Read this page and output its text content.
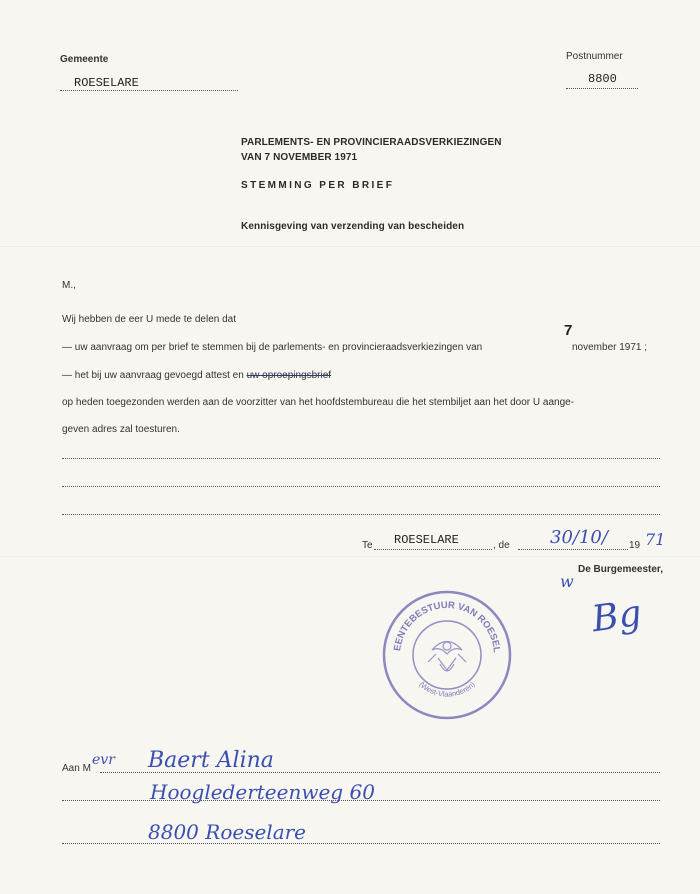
Gemeente
ROESELARE
Postnummer
8800
PARLEMENTS- EN PROVINCIERAADSVERKIEZINGEN
VAN 7 NOVEMBER 1971
STEMMING PER BRIEF
Kennisgeving van verzending van bescheiden
M.,
Wij hebben de eer U mede te delen dat
— uw aanvraag om per brief te stemmen bij de parlements- en provincieraadsverkiezingen van
7
november 1971 ;
— het bij uw aanvraag gevoegd attest en uw oproepingsbrief
op heden toegezonden werden aan de voorzitter van het hoofdstembureau die het stembiljet aan het door U aange-
geven adres zal toesturen.
Te ROESELARE	, de 30/10/ 19 71
De Burgemeester,
w
Bg
EENTEBESTUUR VAN ROESEL
(West-Vlaanderen)
Aan M
evr Baert Alina
Hooglederteenweg 60
8800 Roeselare
